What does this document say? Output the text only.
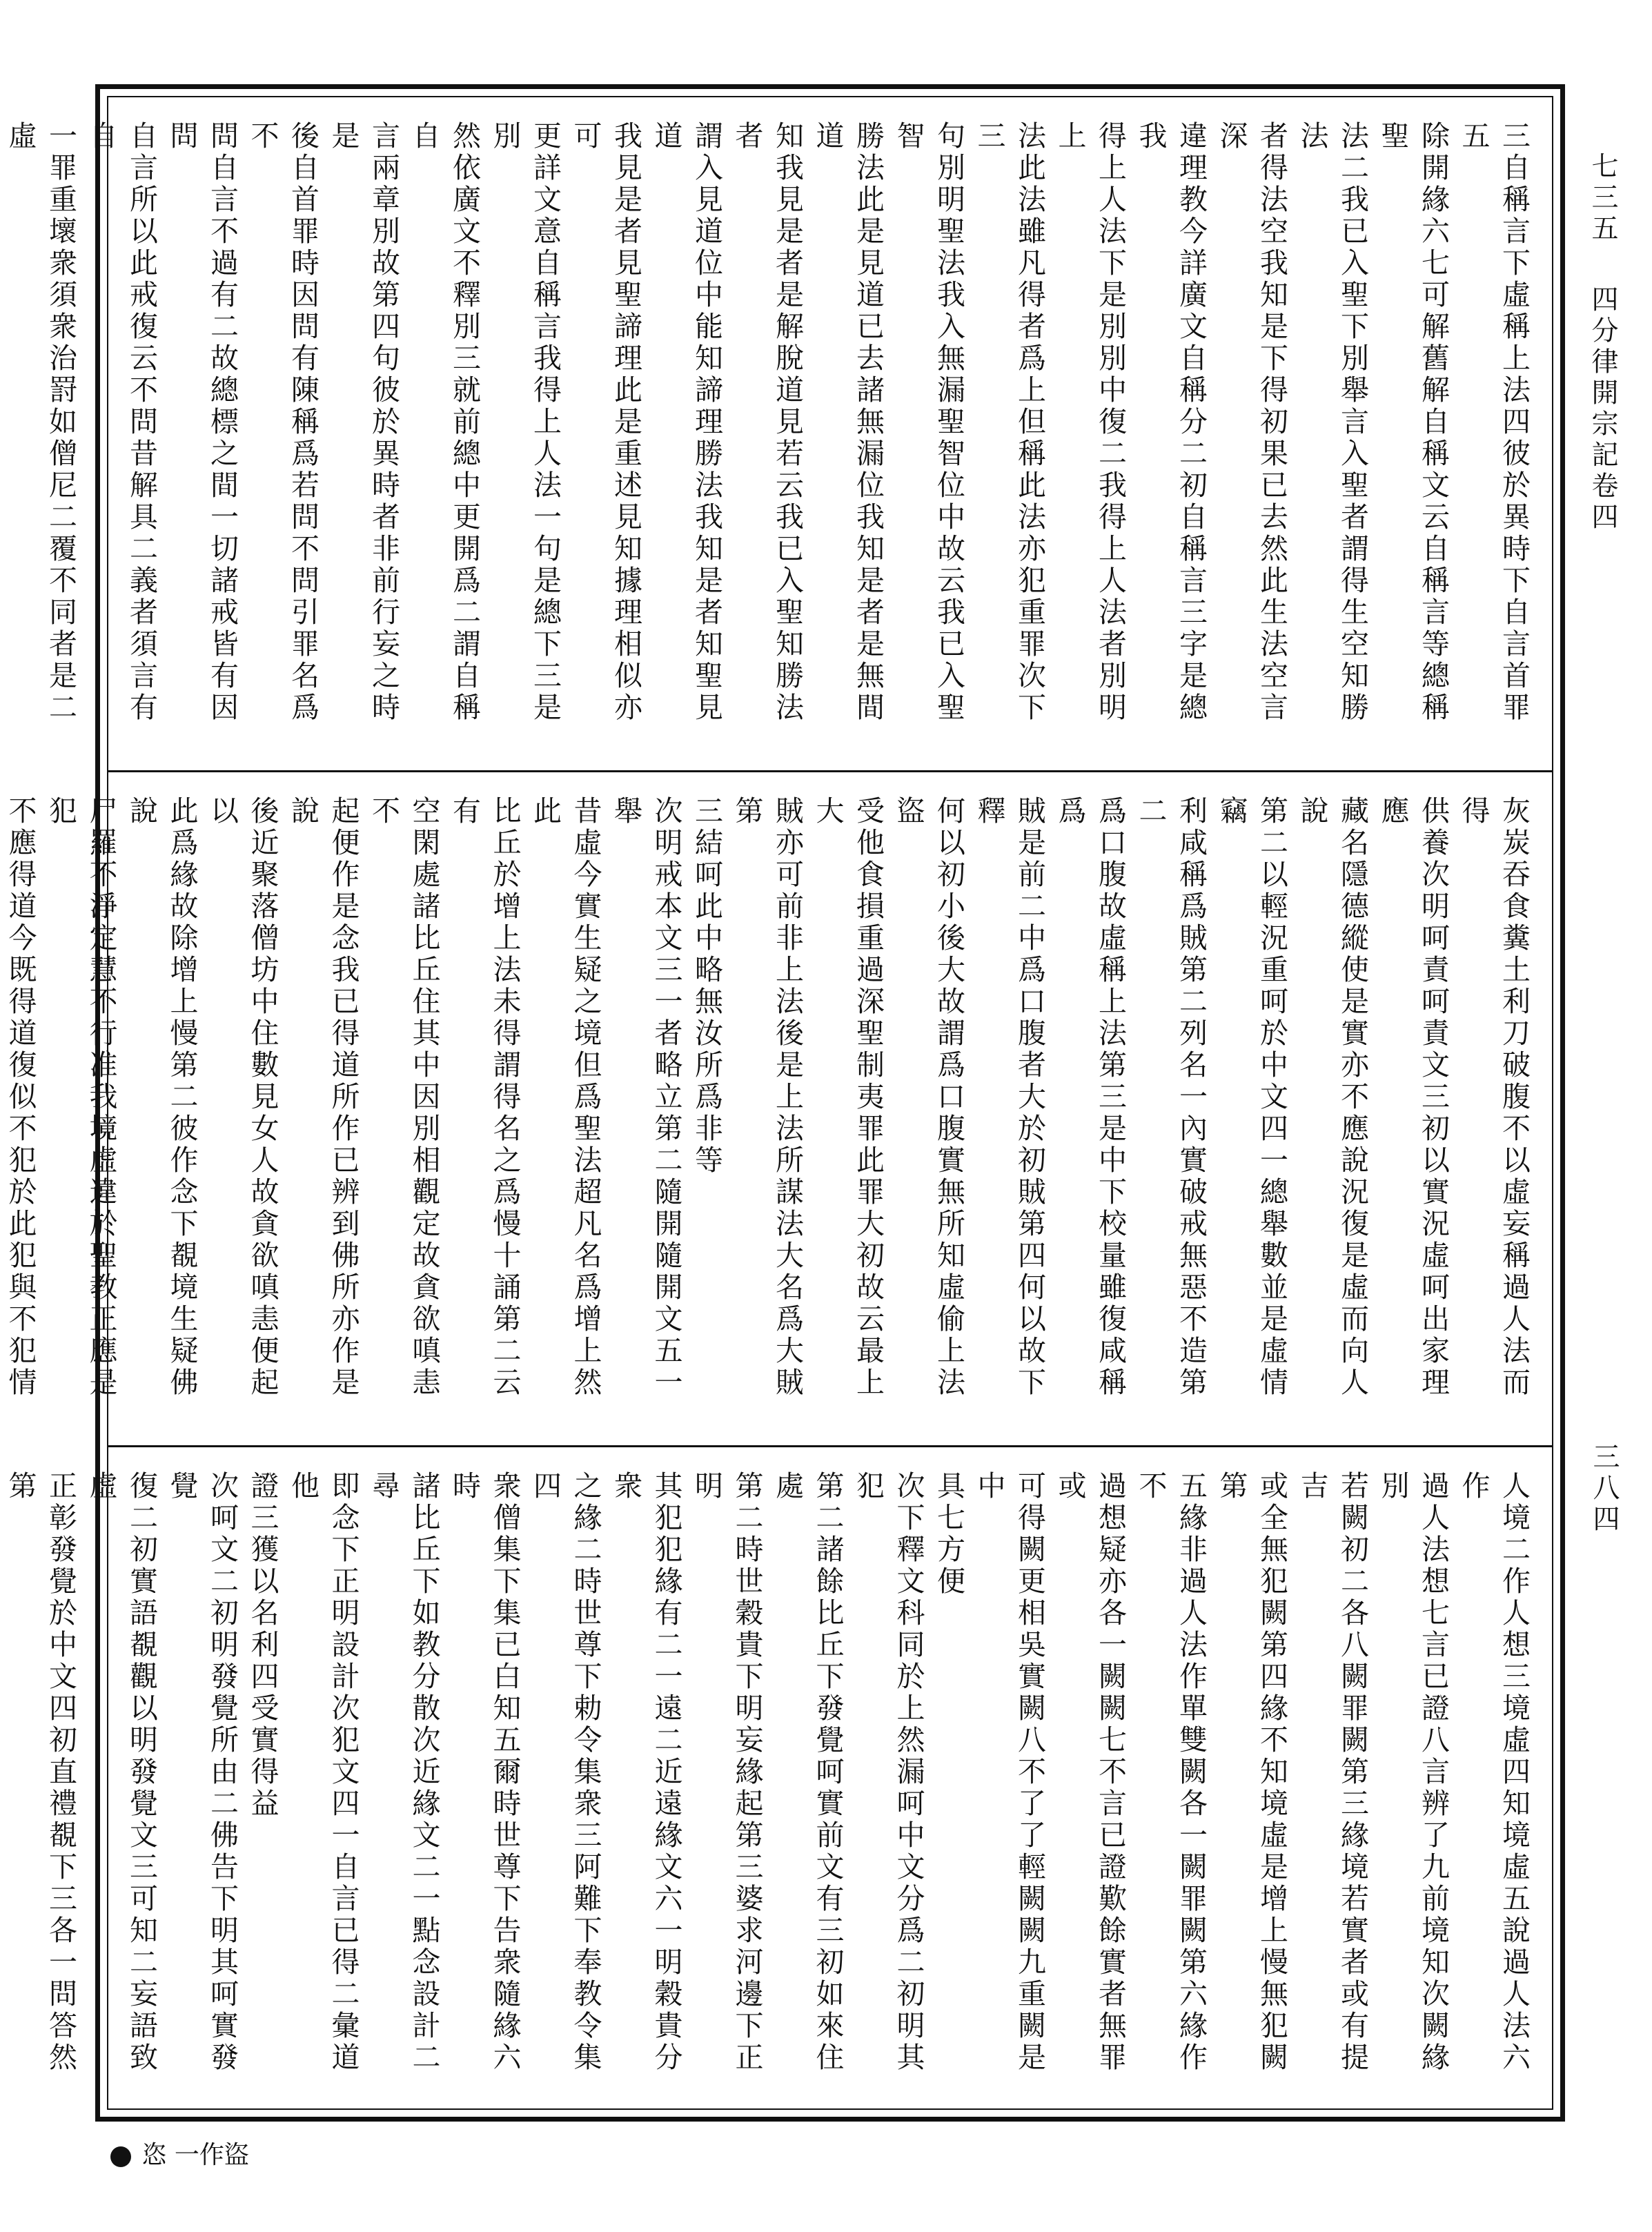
七三五 四分律開宗記卷四
三八四
三自稱言下虛稱上法四彼於異時下自言首罪五
除開緣六七可解舊解自稱文云自稱言等總稱聖
法二我已入聖下別舉言入聖者謂得生空知勝法
者得法空我知是下得初果已去然此生法空言深
違理教今詳廣文自稱分二初自稱言三字是總我
得上人法下是別別中復二我得上人法者別明上
法此法雖凡得者爲上但稱此法亦犯重罪次下三
句別明聖法我入無漏聖智位中故云我已入聖智
勝法此是見道已去諸無漏位我知是者是無間道
知我見是者是解脫道見若云我已入聖知勝法者
謂入見道位中能知諦理勝法我知是者知聖見道
我見是者見聖諦理此是重述見知據理相似亦可
更詳文意自稱言我得上人法一句是總下三是別
然依廣文不釋別三就前總中更開爲二謂自稱自
言兩章別故第四句彼於異時者非前行妄之時是
後自首罪時因問有陳稱爲若問不問引罪名爲不
問自言不過有二故總標之間一切諸戒皆有因問
自言所以此戒復云不問昔解具二義者須言有自
一罪重壞衆須衆治罸如僧尼二覆不同者是二虛
灰炭吞食糞土利刀破腹不以虛妄稱過人法而得
供養次明呵責呵責文三初以實況虛呵出家理應
藏名隱德縱使是實亦不應說況復是虛而向人說
第二以輕況重呵於中文四一總舉數並是虛情竊
利咸稱爲賊第二列名一內實破戒無惡不造第二
爲口腹故虛稱上法第三是中下校量雖復咸稱爲
賊是前二中爲口腹者大於初賊第四何以故下釋
何以初小後大故謂爲口腹實無所知虛偷上法盜
受他食損重過深聖制夷罪此罪大初故云最上大
賊亦可前非上法後是上法所謀法大名爲大賊第
三結呵此中略無汝所爲非等
次明戒本文三一者略立第二隨開隨開文五一舉
昔虛今實生疑之境但爲聖法超凡名爲增上然此
比丘於增上法未得謂得名之爲慢十誦第二云有
空閑處諸比丘住其中因別相觀定故貪欲嗔恚不
起便作是念我已得道所作已辨到佛所亦作是說
後近聚落僧坊中住數見女人故貪欲嗔恚便起以
此爲緣故除增上慢第二彼作念下覩境生疑佛說
尸羅不淨定慧不行准我境虛違於聖教正應是犯
不應得道今既得道復似不犯於此犯與不犯情
人境二作人想三境虛四知境虛五說過人法六作
過人法想七言已證八言辨了九前境知次闕緣別
若闕初二各八闕罪闕第三緣境若實者或有提吉
或全無犯闕第四緣不知境虛是增上慢無犯闕第
五緣非過人法作單雙闕各一闕罪闕第六緣作不
過想疑亦各一闕闕七不言已證歎餘實者無罪或
可得闕更相吳實闕八不了了輕闕闕九重闕是中
具七方便
次下釋文科同於上然漏呵中文分爲二初明其犯
第二諸餘比丘下發覺呵實前文有三初如來住處
第二時世穀貴下明妄緣起第三婆求河邊下正明
其犯犯緣有二一遠二近遠緣文六一明穀貴分衆
之緣二時世尊下勅令集衆三阿難下奉教令集四
衆僧集下集已白知五爾時世尊下告衆隨緣六時
諸比丘下如教分散次近緣文二一點念設計二尋
即念下正明設計次犯文四一自言已得二彙道他
證三獲以名利四受實得益
次呵文二初明發覺所由二佛告下明其呵實發覺
復二初實語覩觀以明發覺文三可知二妄語致虛
正彰發覺於中文四初直禮覩下三各一問答然第
恣 一作盜
